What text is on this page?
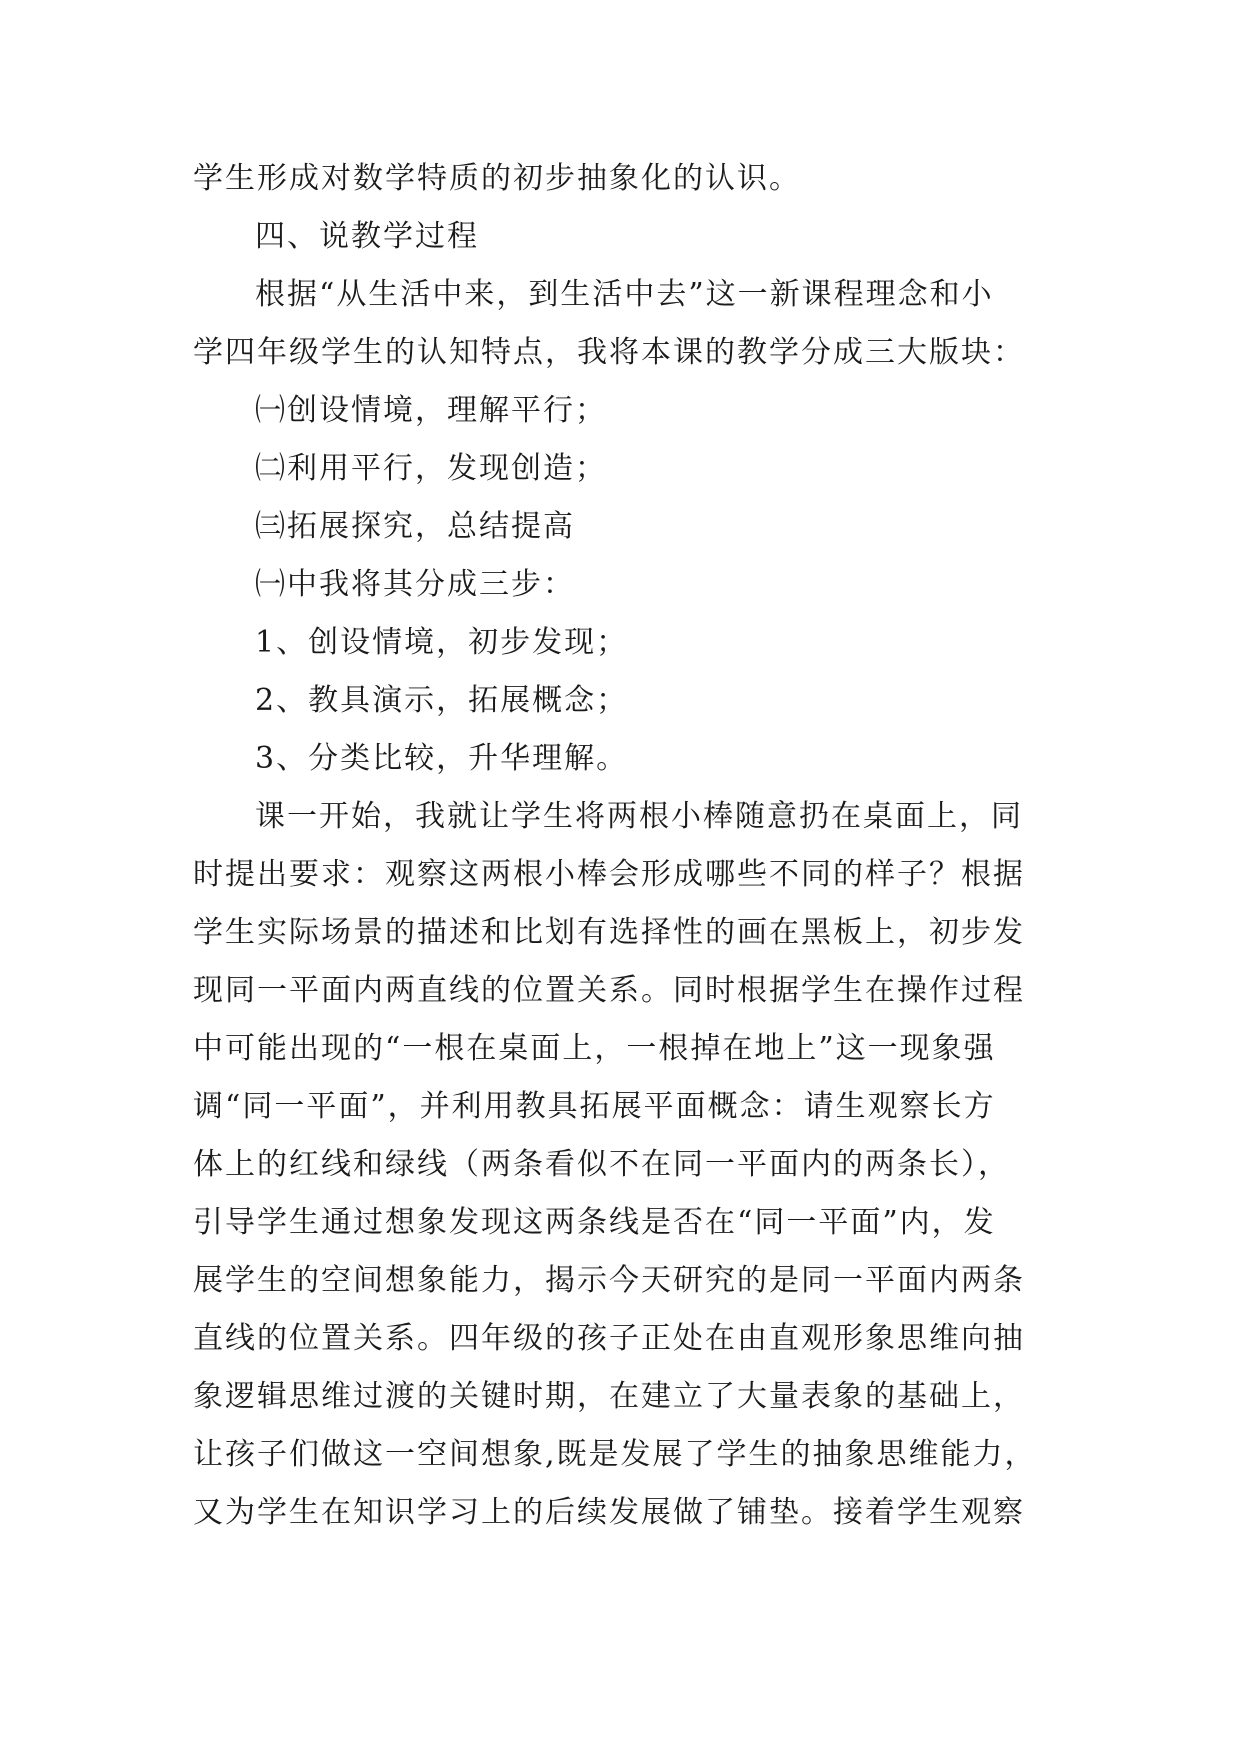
学生形成对数学特质的初步抽象化的认识。
四、说教学过程
根据“从生活中来，到生活中去”这一新课程理念和小
学四年级学生的认知特点，我将本课的教学分成三大版块：
㈠创设情境，理解平行；
㈡利用平行，发现创造；
㈢拓展探究，总结提高
㈠中我将其分成三步：
1、创设情境，初步发现；
2、教具演示，拓展概念；
3、分类比较，升华理解。
课一开始，我就让学生将两根小棒随意扔在桌面上，同
时提出要求：观察这两根小棒会形成哪些不同的样子？根据
学生实际场景的描述和比划有选择性的画在黑板上，初步发
现同一平面内两直线的位置关系。同时根据学生在操作过程
中可能出现的“一根在桌面上，一根掉在地上”这一现象强
调“同一平面”，并利用教具拓展平面概念：请生观察长方
体上的红线和绿线（两条看似不在同一平面内的两条长），
引导学生通过想象发现这两条线是否在“同一平面”内，发
展学生的空间想象能力，揭示今天研究的是同一平面内两条
直线的位置关系。四年级的孩子正处在由直观形象思维向抽
象逻辑思维过渡的关键时期，在建立了大量表象的基础上，
让孩子们做这一空间想象,既是发展了学生的抽象思维能力，
又为学生在知识学习上的后续发展做了铺垫。接着学生观察
